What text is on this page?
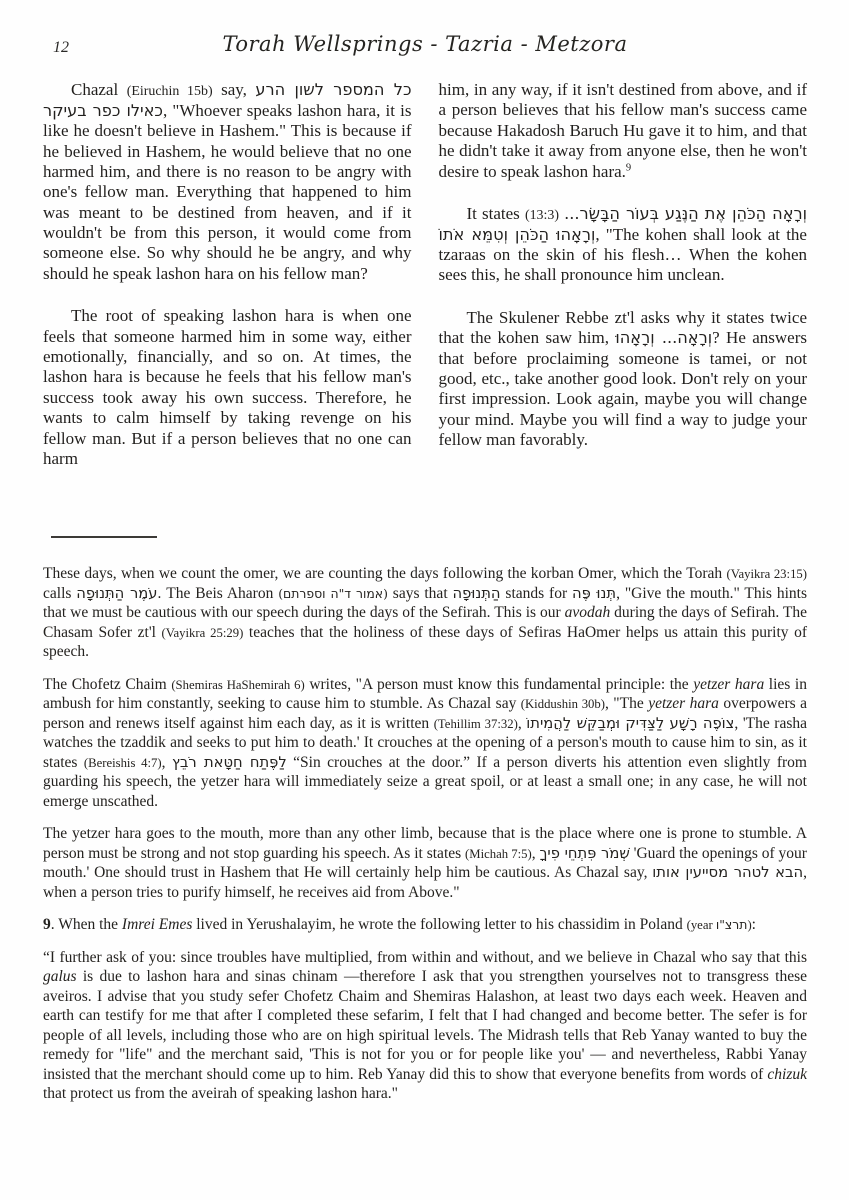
12	Torah Wellsprings - Tazria - Metzora

Chazal (Eiruchin 15b) say, כל המספר לשון הרע כאילו כפר בעיקר, "Whoever speaks lashon hara, it is like he doesn't believe in Hashem." This is because if he believed in Hashem, he would believe that no one harmed him, and there is no reason to be angry with one's fellow man. Everything that happened to him was meant to be destined from heaven, and if it wouldn't be from this person, it would come from someone else. So why should he be angry, and why should he speak lashon hara on his fellow man?

The root of speaking lashon hara is when one feels that someone harmed him in some way, either emotionally, financially, and so on. At times, the lashon hara is because he feels that his fellow man's success took away his own success. Therefore, he wants to calm himself by taking revenge on his fellow man. But if a person believes that no one can harm

him, in any way, if it isn't destined from above, and if a person believes that his fellow man's success came because Hakadosh Baruch Hu gave it to him, and that he didn't take it away from anyone else, then he won't desire to speak lashon hara.$^9$

It states (13:3) וְרָאָה הַכֹּהֵן אֶת הַנֶּגַע בְּעוֹר הַבָּשָׂר... וְרָאָהוּ הַכֹּהֵן וְטִמֵּא אֹתוֹ, "The kohen shall look at the tzaraas on the skin of his flesh… When the kohen sees this, he shall pronounce him unclean.

The Skulener Rebbe zt'l asks why it states twice that the kohen saw him, וְרָאָה... וְרָאָהוּ? He answers that before proclaiming someone is tamei, or not good, etc., take another good look. Don't rely on your first impression. Look again, maybe you will change your mind. Maybe you will find a way to judge your fellow man favorably.

These days, when we count the omer, we are counting the days following the korban Omer, which the Torah (Vayikra 23:15) calls עֹמֶר הַתְּנוּפָה. The Beis Aharon (אמור ד"ה וספרתם) says that הַתְּנוּפָה stands for תְּנוּ פֶּה, "Give the mouth." This hints that we must be cautious with our speech during the days of the Sefirah. This is our avodah during the days of Sefirah. The Chasam Sofer zt'l (Vayikra 25:29) teaches that the holiness of these days of Sefiras HaOmer helps us attain this purity of speech.

The Chofetz Chaim (Shemiras HaShemirah 6) writes, "A person must know this fundamental principle: the yetzer hara lies in ambush for him constantly, seeking to cause him to stumble. As Chazal say (Kiddushin 30b), "The yetzer hara overpowers a person and renews itself against him each day, as it is written (Tehillim 37:32), צוֹפֶה רָשָׁע לַצַּדִּיק וּמְבַקֵּשׁ לַהֲמִיתוֹ, 'The rasha watches the tzaddik and seeks to put him to death.' It crouches at the opening of a person's mouth to cause him to sin, as it states (Bereishis 4:7), לַפֶּתַח חַטָּאת רֹבֵץ “Sin crouches at the door.” If a person diverts his attention even slightly from guarding his speech, the yetzer hara will immediately seize a great spoil, or at least a small one; in any case, he will not emerge unscathed.

The yetzer hara goes to the mouth, more than any other limb, because that is the place where one is prone to stumble. A person must be strong and not stop guarding his speech. As it states (Michah 7:5), שְׁמֹר פִּתְחֵי פִיךָ 'Guard the openings of your mouth.' One should trust in Hashem that He will certainly help him be cautious. As Chazal say, הבא לטהר מסייעין אותו, when a person tries to purify himself, he receives aid from Above."

9. When the Imrei Emes lived in Yerushalayim, he wrote the following letter to his chassidim in Poland (year תרצ"ו):

“I further ask of you: since troubles have multiplied, from within and without, and we believe in Chazal who say that this galus is due to lashon hara and sinas chinam —therefore I ask that you strengthen yourselves not to transgress these aveiros. I advise that you study sefer Chofetz Chaim and Shemiras Halashon, at least two days each week. Heaven and earth can testify for me that after I completed these sefarim, I felt that I had changed and become better. The sefer is for people of all levels, including those who are on high spiritual levels. The Midrash tells that Reb Yanay wanted to buy the remedy for "life" and the merchant said, 'This is not for you or for people like you' — and nevertheless, Rabbi Yanay insisted that the merchant should come up to him. Reb Yanay did this to show that everyone benefits from words of chizuk that protect us from the aveirah of speaking lashon hara."
